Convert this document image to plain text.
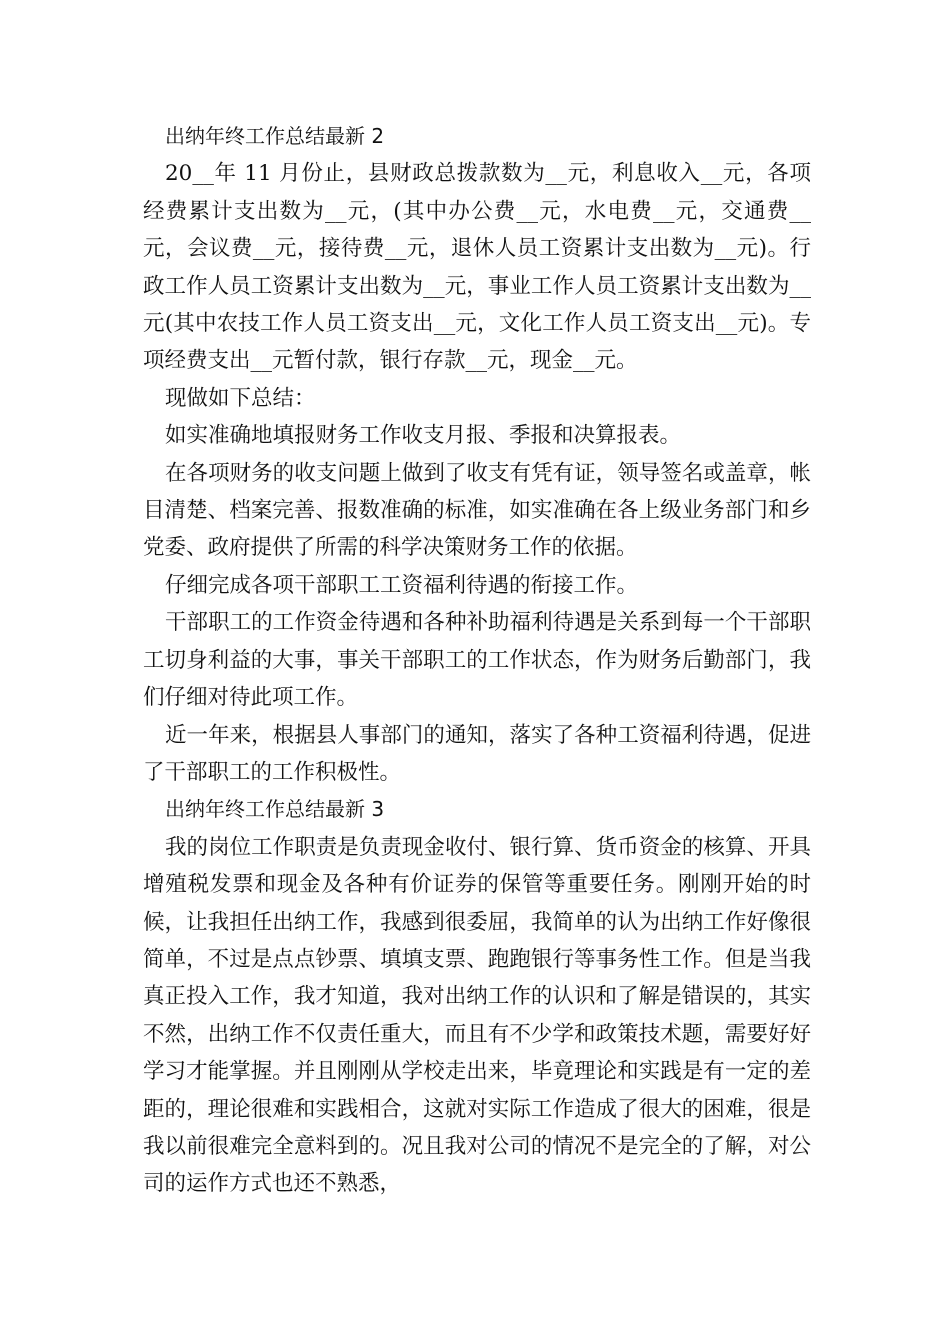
出纳年终工作总结最新 2

20__年 11 月份止，县财政总拨款数为__元，利息收入__元，各项经费累计支出数为__元，(其中办公费__元，水电费__元，交通费__元，会议费__元，接待费__元，退休人员工资累计支出数为__元)。行政工作人员工资累计支出数为__元，事业工作人员工资累计支出数为__元(其中农技工作人员工资支出__元，文化工作人员工资支出__元)。专项经费支出__元暂付款，银行存款__元，现金__元。

现做如下总结：

如实准确地填报财务工作收支月报、季报和决算报表。

在各项财务的收支问题上做到了收支有凭有证，领导签名或盖章，帐目清楚、档案完善、报数准确的标准，如实准确在各上级业务部门和乡党委、政府提供了所需的科学决策财务工作的依据。

仔细完成各项干部职工工资福利待遇的衔接工作。

干部职工的工作资金待遇和各种补助福利待遇是关系到每一个干部职工切身利益的大事，事关干部职工的工作状态，作为财务后勤部门，我们仔细对待此项工作。

近一年来，根据县人事部门的通知，落实了各种工资福利待遇，促进了干部职工的工作积极性。

出纳年终工作总结最新 3

我的岗位工作职责是负责现金收付、银行算、货币资金的核算、开具增殖税发票和现金及各种有价证券的保管等重要任务。刚刚开始的时候，让我担任出纳工作，我感到很委屈，我简单的认为出纳工作好像很简单，不过是点点钞票、填填支票、跑跑银行等事务性工作。但是当我真正投入工作，我才知道，我对出纳工作的认识和了解是错误的，其实不然，出纳工作不仅责任重大，而且有不少学和政策技术题，需要好好学习才能掌握。并且刚刚从学校走出来，毕竟理论和实践是有一定的差距的，理论很难和实践相合，这就对实际工作造成了很大的困难，很是我以前很难完全意料到的。况且我对公司的情况不是完全的了解，对公司的运作方式也还不熟悉，
